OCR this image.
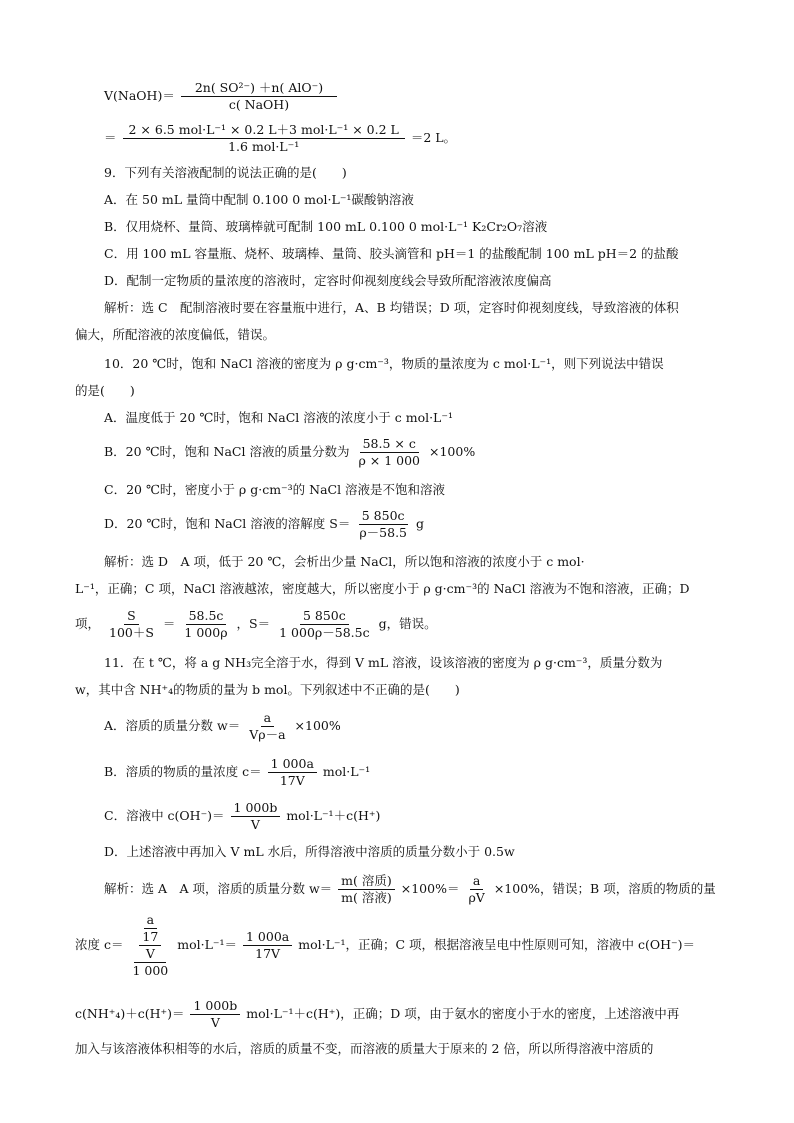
V(NaOH)＝ $\frac{\text{2n( SO²⁻) ＋n( AlO⁻)}}{\text{c( NaOH)}}$
＝ $\frac{\text{2 × 6.5 mol·L⁻¹ × 0.2 L＋3 mol·L⁻¹ × 0.2 L}}{\text{1.6 mol·L⁻¹}} =2$ L。
9．下列有关溶液配制的说法正确的是(　　)
A．在 50 mL 量筒中配制 0.100 0 mol·L⁻¹碳酸钠溶液
B．仅用烧杯、量筒、玻璃棒就可配制 100 mL 0.100 0 mol·L⁻¹ K₂Cr₂O₇溶液
C．用 100 mL 容量瓶、烧杯、玻璃棒、量筒、胶头滴管和 pH＝1 的盐酸配制 100 mL pH＝2 的盐酸
D．配制一定物质的量浓度的溶液时，定容时仰视刻度线会导致所配溶液浓度偏高
解析：选 C　配制溶液时要在容量瓶中进行，A、B 均错误；D 项，定容时仰视刻度线，导致溶液的体积
偏大，所配溶液的浓度偏低，错误。
10．20 ℃时，饱和 NaCl 溶液的密度为 ρ g·cm⁻³，物质的量浓度为 c mol·L⁻¹，则下列说法中错误
的是(　　)
A．温度低于 20 ℃时，饱和 NaCl 溶液的浓度小于 c mol·L⁻¹
B．20 ℃时，饱和 NaCl 溶液的质量分数为 $\frac{58.5 \times c}{\rho \times 1 000} \times 100\%$
C．20 ℃时，密度小于 ρ g·cm⁻³的 NaCl 溶液是不饱和溶液
D．20 ℃时，饱和 NaCl 溶液的溶解度 $S= \frac{5 850c}{\rho-58.5}$ g
解析：选 D　A 项，低于 20 ℃，会析出少量 NaCl，所以饱和溶液的浓度小于 c mol·
L⁻¹，正确；C 项，NaCl 溶液越浓，密度越大，所以密度小于 ρ g·cm⁻³的 NaCl 溶液为不饱和溶液，正确；D
项， $\frac{S}{100+S} = \frac{58.5c}{1 000\rho}$ ，$S= \frac{5 850c}{1 000\rho-58.5c}$ g，错误。
11．在 t ℃，将 a g NH₃完全溶于水，得到 V mL 溶液，设该溶液的密度为 ρ g·cm⁻³，质量分数为
w，其中含 NH⁺₄的物质的量为 b mol。下列叙述中不正确的是(　　)
A．溶质的质量分数 $w= \frac{a}{V\rho-a} \times 100\%$
B．溶质的物质的量浓度 $c= \frac{1 000a}{17V} mol\cdot L^{-1}$
C．溶液中 $c(OH^-)= \frac{1 000b}{V} mol\cdot L^{-1}+c(H^+)$
D．上述溶液中再加入 V mL 水后，所得溶液中溶质的质量分数小于 0.5w
解析：选 A　A 项，溶质的质量分数 $w= \frac{\text{m( 溶质)}}{\text{m( 溶液)}} \times 100\%= \frac{a}{\rho V} \times 100\%$，错误；B 项，溶质的物质的量
浓度 c＝ a
17
V
1 000 $mol\cdot L^{-1}= \frac{1 000a}{17V} mol\cdot L^{-1}$，正确；C 项，根据溶液呈电中性原则可知，溶液中 c(OH⁻)＝
$c(NH^+_4)+c(H^+)= \frac{1 000b}{V} mol\cdot L^{-1}+c(H^+)$，正确；D 项，由于氨水的密度小于水的密度，上述溶液中再
加入与该溶液体积相等的水后，溶质的质量不变，而溶液的质量大于原来的 2 倍，所以所得溶液中溶质的
